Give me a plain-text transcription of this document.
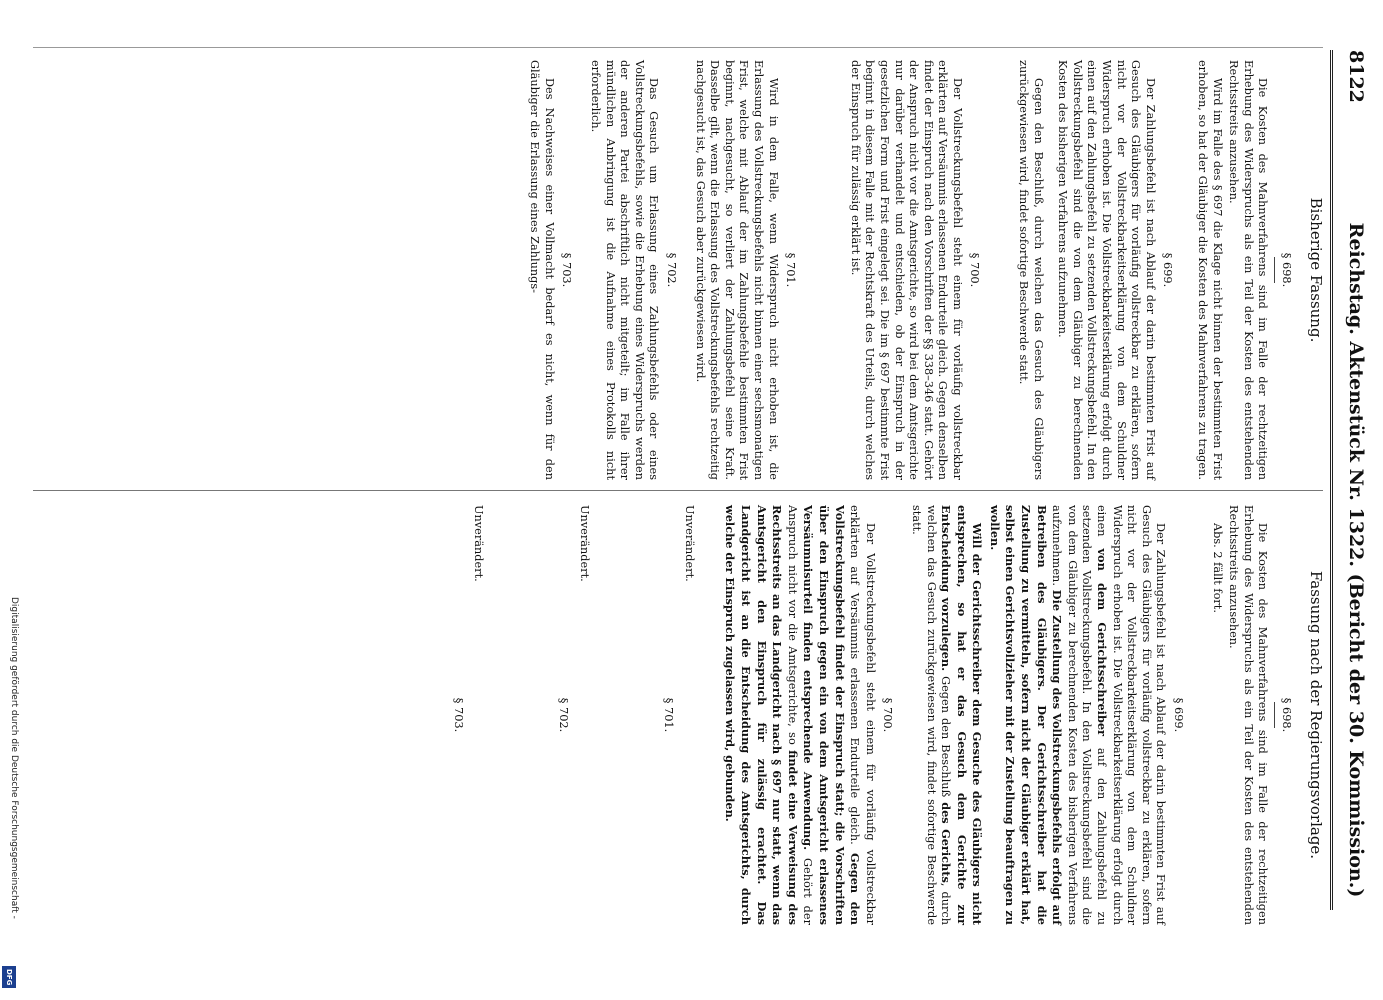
8122
Reichstag. Aktenstück Nr. 1322. (Bericht der 30. Kommission.)
Bisherige Fassung.

§ 698.

Die Kosten des Mahnverfahrens sind im Falle der rechtzeitigen Erhebung des Widerspruchs als ein Teil der Kosten des entstehenden Rechtsstreits anzusehen.

Wird im Falle des § 697 die Klage nicht binnen der bestimmten Frist erhoben, so hat der Gläubiger die Kosten des Mahnverfahrens zu tragen.

§ 699.

Der Zahlungsbefehl ist nach Ablauf der darin bestimmten Frist auf Gesuch des Gläubigers für vorläufig vollstreckbar zu erklären, sofern nicht vor der Vollstreckbarkeitserklärung von dem Schuldner Widerspruch erhoben ist. Die Vollstreckbarkeitserklärung erfolgt durch einen auf den Zahlungsbefehl zu setzenden Vollstreckungsbefehl. In den Vollstreckungsbefehl sind die von dem Gläubiger zu berechnenden Kosten des bisherigen Verfahrens aufzunehmen.

Gegen den Beschluß, durch welchen das Gesuch des Gläubigers zurückgewiesen wird, findet sofortige Beschwerde statt.

§ 700.

Der Vollstreckungsbefehl steht einem für vorläufig vollstreckbar erklärten auf Versäumnis erlassenen Endurteile gleich. Gegen denselben findet der Einspruch nach den Vorschriften der §§ 338–346 statt. Gehört der Anspruch nicht vor die Amtsgerichte, so wird bei dem Amtsgerichte nur darüber verhandelt und entschieden, ob der Einspruch in der gesetzlichen Form und Frist eingelegt sei. Die im § 697 bestimmte Frist beginnt in diesem Falle mit der Rechtskraft des Urteils, durch welches der Einspruch für zulässig erklärt ist.

§ 701.

Wird in dem Falle, wenn Widerspruch nicht erhoben ist, die Erlassung des Vollstreckungsbefehls nicht binnen einer sechsmonatigen Frist, welche mit Ablauf der im Zahlungsbefehle bestimmten Frist beginnt, nachgesucht, so verliert der Zahlungsbefehl seine Kraft. Dasselbe gilt, wenn die Erlassung des Vollstreckungsbefehls rechtzeitig nachgesucht ist, das Gesuch aber zurückgewiesen wird.

§ 702.

Das Gesuch um Erlassung eines Zahlungsbefehls oder eines Vollstreckungsbefehls, sowie die Erhebung eines Widerspruchs werden der anderen Partei abschriftlich nicht mitgeteilt; im Falle ihrer mündlichen Anbringung ist die Aufnahme eines Protokolls nicht erforderlich.

§ 703.

Des Nachweises einer Vollmacht bedarf es nicht, wenn für den Gläubiger die Erlassung eines Zahlungs-

Fassung nach der Regierungsvorlage.

§ 698.

Die Kosten des Mahnverfahrens sind im Falle der rechtzeitigen Erhebung des Widerspruchs als ein Teil der Kosten des entstehenden Rechtsstreits anzusehen.

Abs. 2 fällt fort.

§ 699.

Der Zahlungsbefehl ist nach Ablauf der darin bestimmten Frist auf Gesuch des Gläubigers für vorläufig vollstreckbar zu erklären, sofern nicht vor der Vollstreckbarkeitserklärung von dem Schuldner Widerspruch erhoben ist. Die Vollstreckbarkeitserklärung erfolgt durch einen von dem Gerichtsschreiber auf den Zahlungsbefehl zu setzenden Vollstreckungsbefehl. In den Vollstreckungsbefehl sind die von dem Gläubiger zu berechnenden Kosten des bisherigen Verfahrens aufzunehmen. Die Zustellung des Vollstreckungsbefehls erfolgt auf Betreiben des Gläubigers. Der Gerichtsschreiber hat die Zustellung zu vermitteln, sofern nicht der Gläubiger erklärt hat, selbst einen Gerichtsvollzieher mit der Zustellung beauftragen zu wollen.

Will der Gerichtsschreiber dem Gesuche des Gläubigers nicht entsprechen, so hat er das Gesuch dem Gerichte zur Entscheidung vorzulegen. Gegen den Beschluß des Gerichts, durch welchen das Gesuch zurückgewiesen wird, findet sofortige Beschwerde statt.

§ 700.

Der Vollstreckungsbefehl steht einem für vorläufig vollstreckbar erklärten auf Versäumnis erlassenen Endurteile gleich. Gegen den Vollstreckungsbefehl findet der Einspruch statt; die Vorschriften über den Einspruch gegen ein von dem Amtsgericht erlassenes Versäumnisurteil finden entsprechende Anwendung. Gehört der Anspruch nicht vor die Amtsgerichte, so findet eine Verweisung des Rechtsstreits an das Landgericht nach § 697 nur statt, wenn das Amtsgericht den Einspruch für zulässig erachtet. Das Landgericht ist an die Entscheidung des Amtsgerichts, durch welche der Einspruch zugelassen wird, gebunden.

Unverändert.

§ 701.

Unverändert.

§ 702.

Unverändert.

§ 703.

Digitalisierung gefördert durch die Deutsche Forschungsgemeinschaft -
DFG
